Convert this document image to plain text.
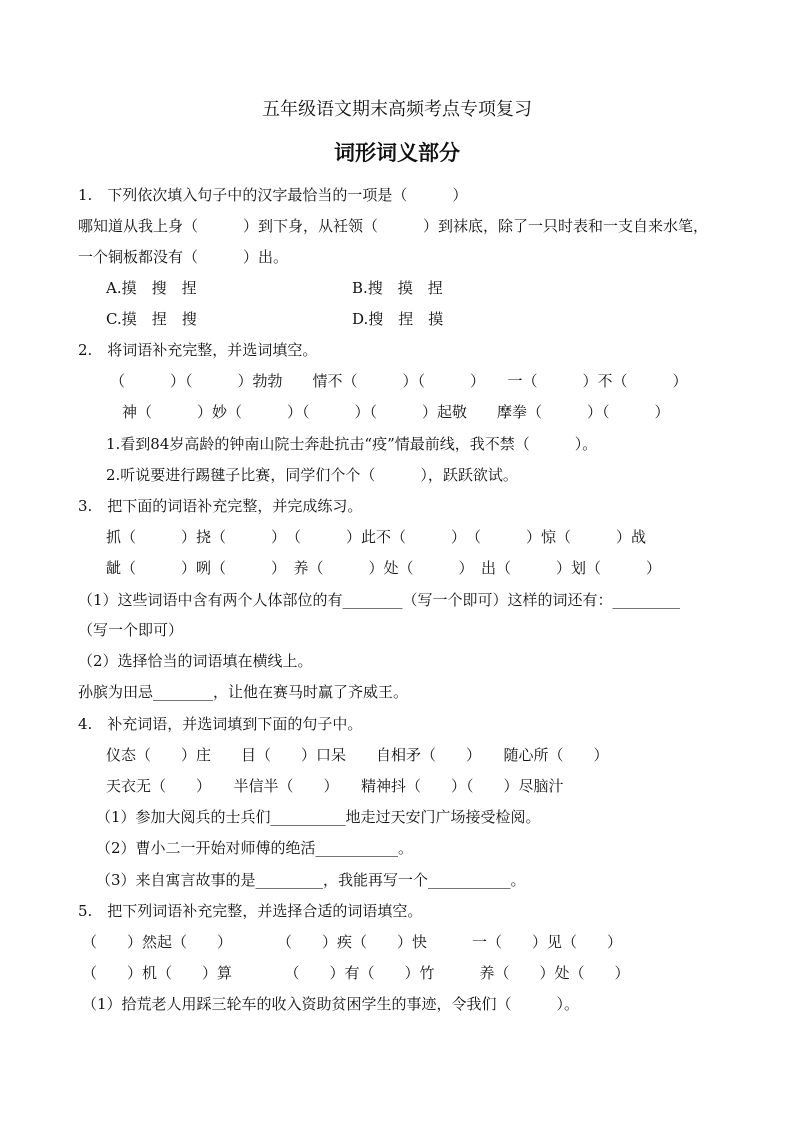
五年级语文期末高频考点专项复习
词形词义部分
1.　下列依次填入句子中的汉字最恰当的一项是（　　　）
哪知道从我上身（　　　）到下身，从衽领（　　　）到袜底，除了一只时表和一支自来水笔，
一个铜板都没有（　　　）出。
A.摸　搜　捏	B.搜　摸　捏
C.摸　捏　搜	D.搜　捏　摸
2.　将词语补充完整，并选词填空。
（　　　）（　　　）勃勃　　情不（　　　）（　　　）　　一（　　　）不（　　　）
神（　　　）妙（　　　）（　　　）（　　　）起敬　　摩拳（　　　）（　　　）
1.看到84岁高龄的钟南山院士奔赴抗击“疫”情最前线，我不禁（　　　）。
2.听说要进行踢毽子比赛，同学们个个（　　　），跃跃欲试。
3.　把下面的词语补充完整，并完成练习。
抓（　　　）挠（　　　）　（　　　）此不（　　　）　（　　　）惊（　　　）战
龇（　　　）咧（　　　）　养（　　　）处（　　　）　出（　　　）划（　　　）
（1）这些词语中含有两个人体部位的有________（写一个即可）这样的词还有：_________
（写一个即可）
（2）选择恰当的词语填在横线上。
孙膑为田忌________，让他在赛马时赢了齐威王。
4.　补充词语，并选词填到下面的句子中。
仪态（　　）庄　　目（　　）口呆　　自相矛（　　）　　随心所（　　）
天衣无（　　）　　半信半（　　）　　精神抖（　　）（　　）尽脑汁
（1）参加大阅兵的士兵们__________地走过天安门广场接受检阅。
（2）曹小二一开始对师傅的绝活___________。
（3）来自寓言故事的是_________，我能再写一个___________。
5.　把下列词语补充完整，并选择合适的词语填空。
（　　）然起（　　）　　　　（　　）疾（　　）快　　　一（　　）见（　　）
（　　）机（　　）算　　　　（　　）有（　　）竹　　　养（　　）处（　　）
（1）拾荒老人用踩三轮车的收入资助贫困学生的事迹，令我们（　　　）。
